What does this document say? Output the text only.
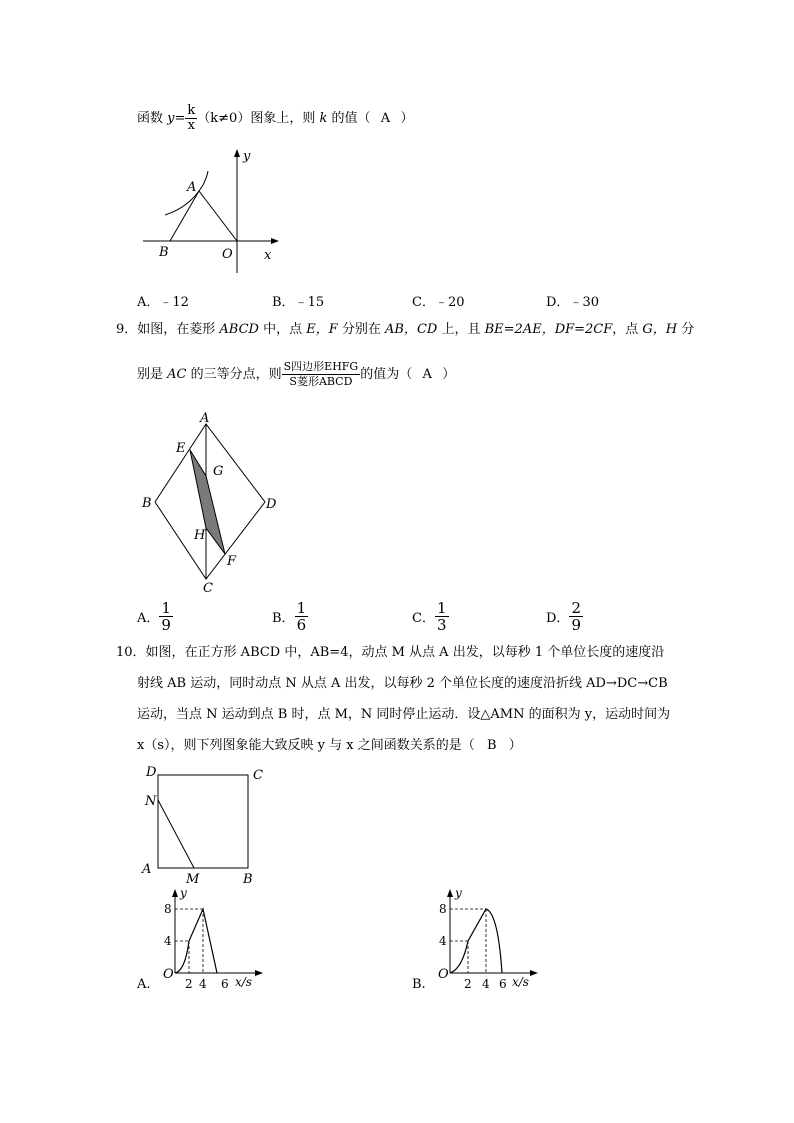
函数 $y= \frac{k}{x} (k\ne 0)$图象上，则 k 的值（ A ）
A
B	O x
y
A．﹣12	B．﹣15	C．﹣20	D．﹣30
9．如图，在菱形 ABCD 中，点 E，F 分别在 AB，CD 上，且 BE=2AE，DF=2CF，点 G，H 分
别是 AC 的三等分点，则 $\frac{\text{S四边形EHFG}}{\text{S菱形ABCD}}$ 的值为（ A ）
A
B
C
D
E
F
G
H
A． $\frac{1}{9}$	B． $\frac{1}{6}$	C． $\frac{1}{3}$	D． $\frac{2}{9}$
10．如图，在正方形 ABCD 中，AB=4，动点 M 从点 A 出发，以每秒 1 个单位长度的速度沿
射线 AB 运动，同时动点 N 从点 A 出发，以每秒 2 个单位长度的速度沿折线 AD→DC→CB
运动，当点 N 运动到点 B 时，点 M，N 同时停止运动．设△AMN 的面积为 y，运动时间为
x（s），则下列图象能大致反映 y 与 x 之间函数关系的是（ B ）
D	C
N
A
M	B
O
y
4
8
2 4 6 x/s
A.
O
y
4
8
2 4 6 x/s
B.
